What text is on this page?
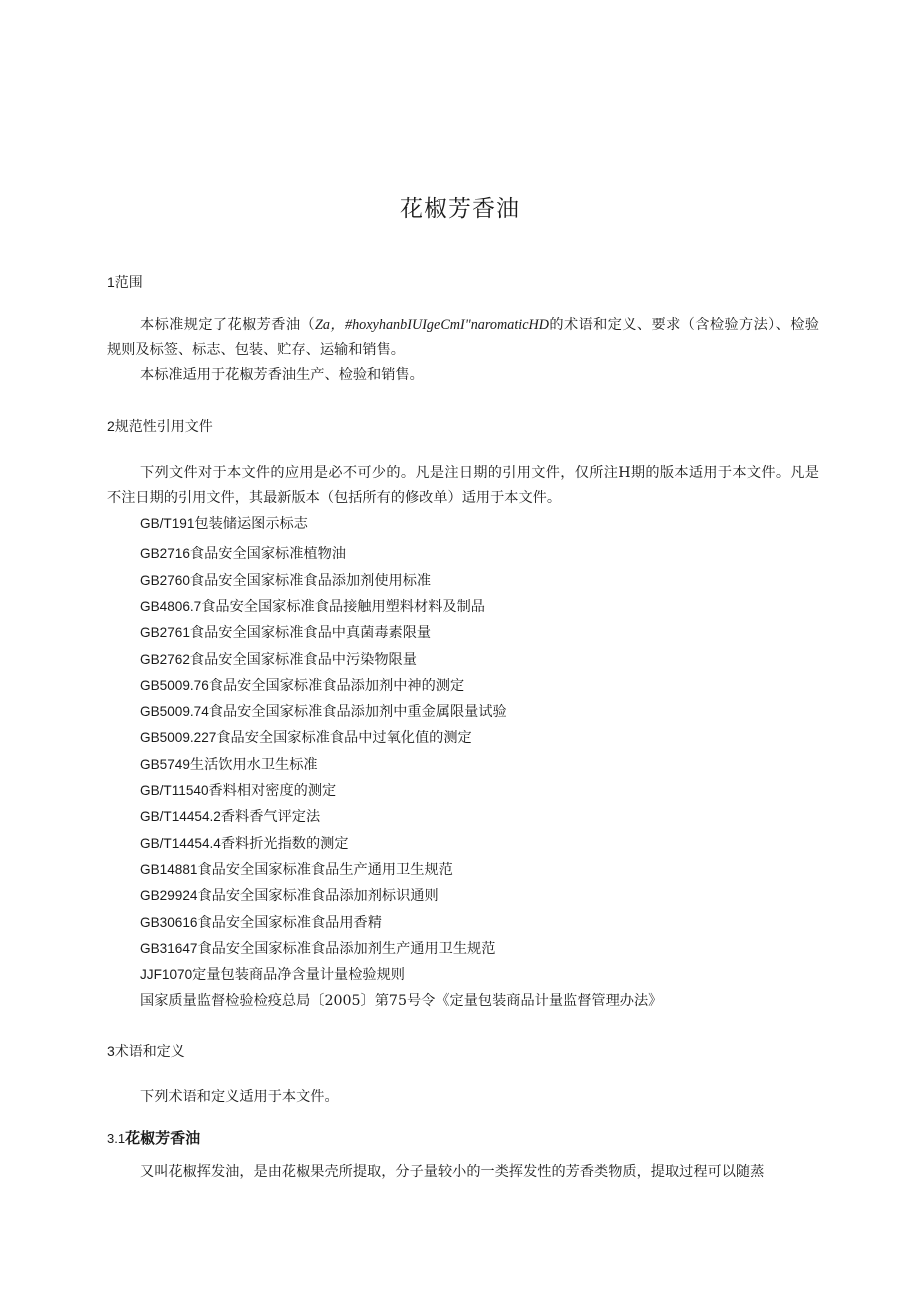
花椒芳香油
1范围
本标准规定了花椒芳香油（Za，#hoxyhanbIUIgeCmI"naromaticHD的术语和定义、要求（含检验方法）、检验规则及标签、标志、包装、贮存、运输和销售。
本标准适用于花椒芳香油生产、检验和销售。
2规范性引用文件
下列文件对于本文件的应用是必不可少的。凡是注日期的引用文件，仅所注H期的版本适用于本文件。凡是不注日期的引用文件，其最新版本（包括所有的修改单）适用于本文件。
GB/T191包装储运图示标志
GB2716食品安全国家标准植物油
GB2760食品安全国家标准食品添加剂使用标准
GB4806.7食品安全国家标准食品接触用塑料材料及制品
GB2761食品安全国家标准食品中真菌毒素限量
GB2762食品安全国家标准食品中污染物限量
GB5009.76食品安全国家标准食品添加剂中神的测定
GB5009.74食品安全国家标准食品添加剂中重金属限量试验
GB5009.227食品安全国家标准食品中过氧化值的测定
GB5749生活饮用水卫生标准
GB/T11540香料相对密度的测定
GB/T14454.2香料香气评定法
GB/T14454.4香料折光指数的测定
GB14881食品安全国家标准食品生产通用卫生规范
GB29924食品安全国家标准食品添加剂标识通则
GB30616食品安全国家标准食品用香精
GB31647食品安全国家标准食品添加剂生产通用卫生规范
JJF1070定量包装商品净含量计量检验规则
国家质量监督检验检疫总局〔2005〕第75号令《定量包装商品计量监督管理办法》
3术语和定义
下列术语和定义适用于本文件。
3.1花椒芳香油
又叫花椒挥发油，是由花椒果壳所提取，分子量较小的一类挥发性的芳香类物质，提取过程可以随蒸
